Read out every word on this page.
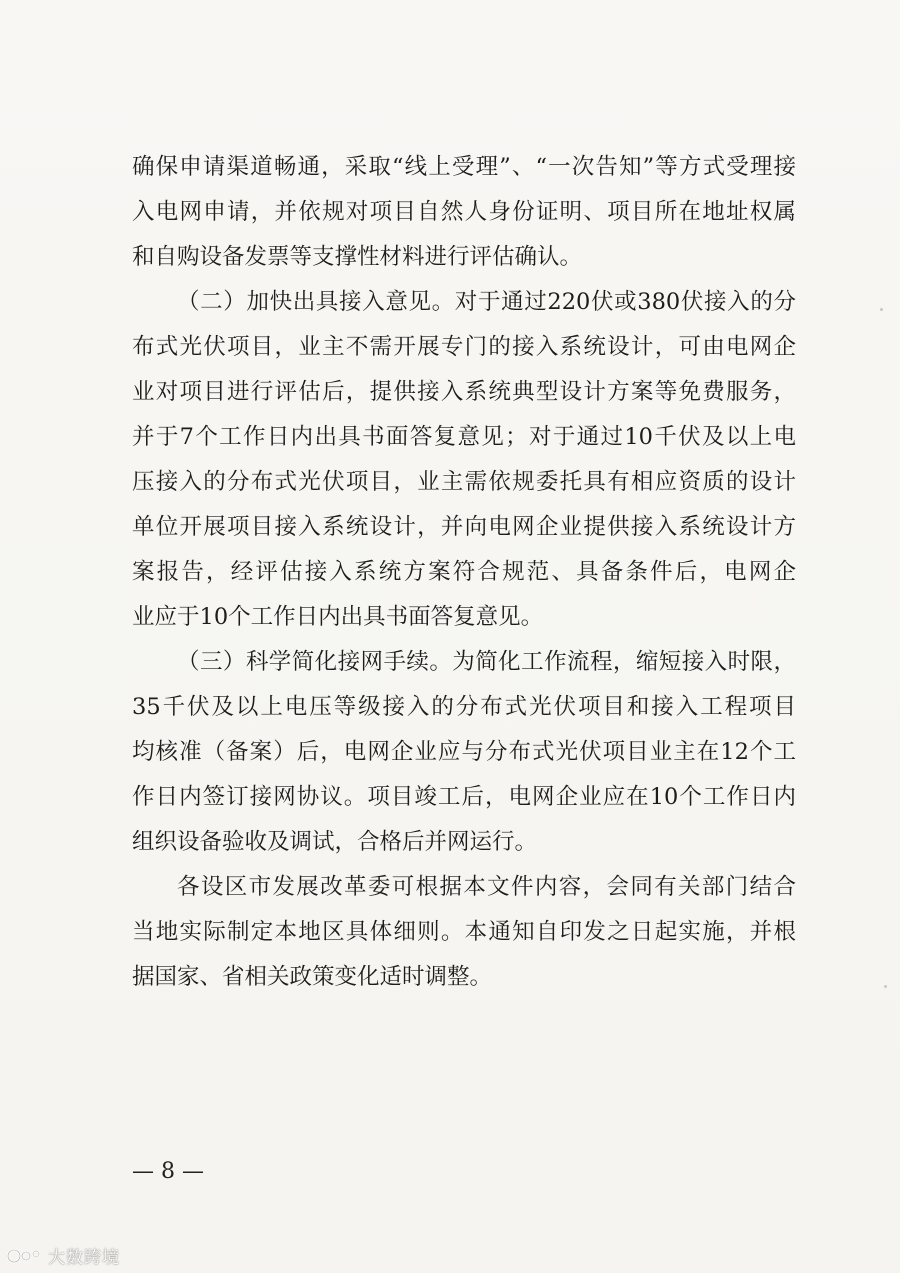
确保申请渠道畅通，采取“线上受理”、“一次告知”等方式受理接
入电网申请，并依规对项目自然人身份证明、项目所在地址权属
和自购设备发票等支撑性材料进行评估确认。
（二）加快出具接入意见。对于通过220伏或380伏接入的分
布式光伏项目，业主不需开展专门的接入系统设计，可由电网企
业对项目进行评估后，提供接入系统典型设计方案等免费服务，
并于7个工作日内出具书面答复意见；对于通过10千伏及以上电
压接入的分布式光伏项目，业主需依规委托具有相应资质的设计
单位开展项目接入系统设计，并向电网企业提供接入系统设计方
案报告，经评估接入系统方案符合规范、具备条件后，电网企
业应于10个工作日内出具书面答复意见。
（三）科学简化接网手续。为简化工作流程，缩短接入时限，
35千伏及以上电压等级接入的分布式光伏项目和接入工程项目
均核准（备案）后，电网企业应与分布式光伏项目业主在12个工
作日内签订接网协议。项目竣工后，电网企业应在10个工作日内
组织设备验收及调试，合格后并网运行。
各设区市发展改革委可根据本文件内容，会同有关部门结合
当地实际制定本地区具体细则。本通知自印发之日起实施，并根
据国家、省相关政策变化适时调整。
— 8 —
大数跨境
